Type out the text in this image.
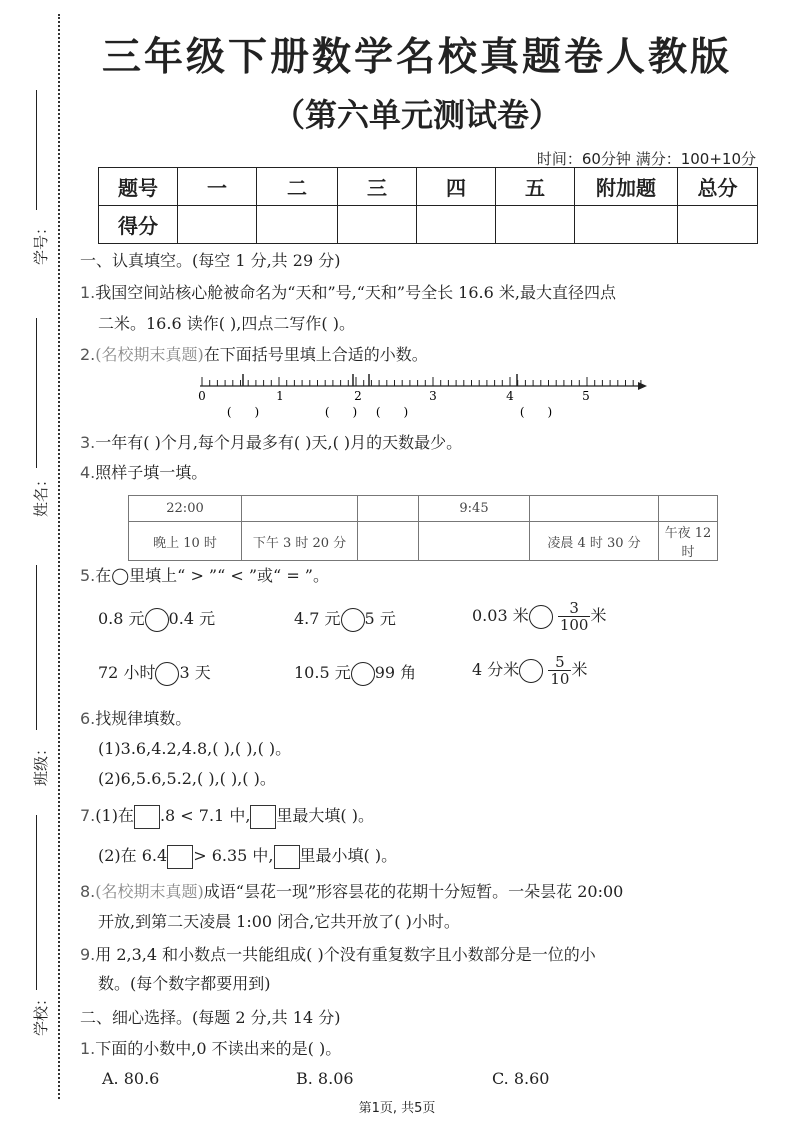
学号：
姓名：
班级：
学校：
三年级下册数学名校真题卷人教版
（第六单元测试卷）
时间：60分钟 满分：100+10分
题号	一	二	三	四	五	附加题	总分
得分							
一、认真填空。(每空 1 分,共 29 分)
1.我国空间站核心舱被命名为“天和”号,“天和”号全长 16.6 米,最大直径四点
二米。16.6 读作( ),四点二写作( )。
2.(名校期末真题)在下面括号里填上合适的小数。
0	1	2	3	4	5
(      )	(      ) (      )	(      )
3.一年有( )个月,每个月最多有( )天,( )月的天数最少。
4.照样子填一填。
22:00			9:45		
晚上 10 时	下午 3 时 20 分			凌晨 4 时 30 分	午夜 12 时
5.在◯里填上“ > ”“ < ”或“ = ”。
0.8 元 0.4 元	4.7 元 5 元	0.03 米 $\frac{3}{100}$ 米
72 小时 3 天	10.5 元 99 角	4 分米 $\frac{5}{10}$ 米
6.找规律填数。
(1)3.6,4.2,4.8,( ),( ),( )。
(2)6,5.6,5.2,( ),( ),( )。
7.(1)在 .8 < 7.1 中, 里最大填( )。
(2)在 6.4 > 6.35 中, 里最小填( )。
8.(名校期末真题)成语“昙花一现”形容昙花的花期十分短暂。一朵昙花 20:00
开放,到第二天凌晨 1:00 闭合,它共开放了( )小时。
9.用 2,3,4 和小数点一共能组成( )个没有重复数字且小数部分是一位的小
数。(每个数字都要用到)
二、细心选择。(每题 2 分,共 14 分)
1.下面的小数中,0 不读出来的是( )。
A. 80.6	B. 8.06	C. 8.60
第1页, 共5页
